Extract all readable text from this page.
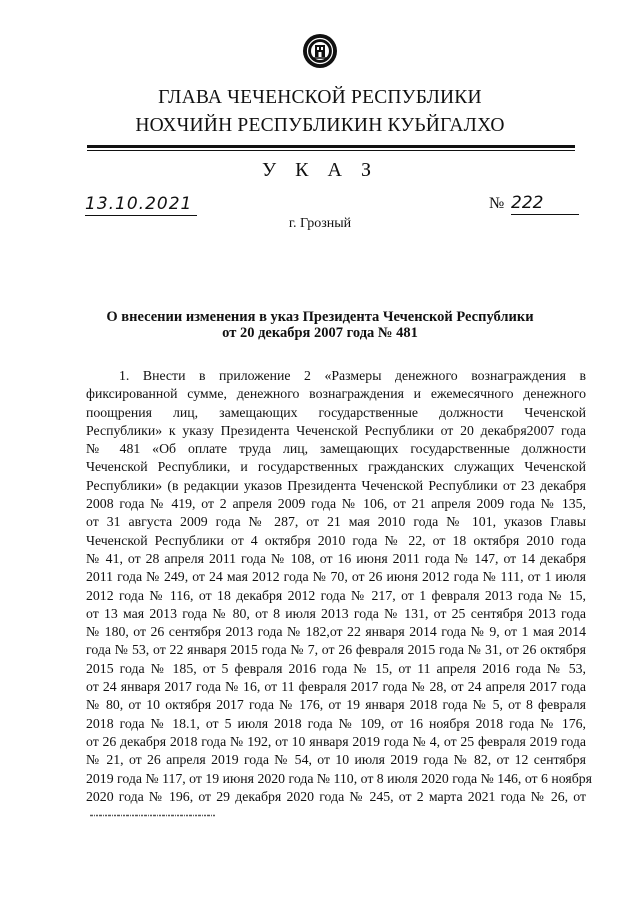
ГЛАВА ЧЕЧЕНСКОЙ РЕСПУБЛИКИ
НОХЧИЙН РЕСПУБЛИКИН КУЬЙГАЛХО
У К А З
13.10.2021	№ 222
г. Грозный
О внесении изменения в указ Президента Чеченской Республики
от 20 декабря 2007 года № 481
1. Внести в приложение 2 «Размеры денежного вознаграждения в
фиксированной сумме, денежного вознаграждения и ежемесячного денежного
поощрения лиц, замещающих государственные должности Чеченской
Республики» к указу Президента Чеченской Республики от 20 декабря2007 года
№ 481 «Об оплате труда лиц, замещающих государственные должности
Чеченской Республики, и государственных гражданских служащих Чеченской
Республики» (в редакции указов Президента Чеченской Республики от 23 декабря
2008 года № 419, от 2 апреля 2009 года № 106, от 21 апреля 2009 года № 135,
от 31 августа 2009 года № 287, от 21 мая 2010 года № 101, указов Главы
Чеченской Республики от 4 октября 2010 года № 22, от 18 октября 2010 года
№ 41, от 28 апреля 2011 года № 108, от 16 июня 2011 года № 147, от 14 декабря
2011 года № 249, от 24 мая 2012 года № 70, от 26 июня 2012 года № 111, от 1 июля
2012 года № 116, от 18 декабря 2012 года № 217, от 1 февраля 2013 года № 15,
от 13 мая 2013 года № 80, от 8 июля 2013 года № 131, от 25 сентября 2013 года
№ 180, от 26 сентября 2013 года № 182,от 22 января 2014 года № 9, от 1 мая 2014
года № 53, от 22 января 2015 года № 7, от 26 февраля 2015 года № 31, от 26 октября
2015 года № 185, от 5 февраля 2016 года № 15, от 11 апреля 2016 года № 53,
от 24 января 2017 года № 16, от 11 февраля 2017 года № 28, от 24 апреля 2017 года
№ 80, от 10 октября 2017 года № 176, от 19 января 2018 года № 5, от 8 февраля
2018 года № 18.1, от 5 июля 2018 года № 109, от 16 ноября 2018 года № 176,
от 26 декабря 2018 года № 192, от 10 января 2019 года № 4, от 25 февраля 2019 года
№ 21, от 26 апреля 2019 года № 54, от 10 июля 2019 года № 82, от 12 сентября
2019 года № 117, от 19 июня 2020 года № 110, от 8 июля 2020 года № 146, от 6 ноября
2020 года № 196, от 29 декабря 2020 года № 245, от 2 марта 2021 года № 26, от
